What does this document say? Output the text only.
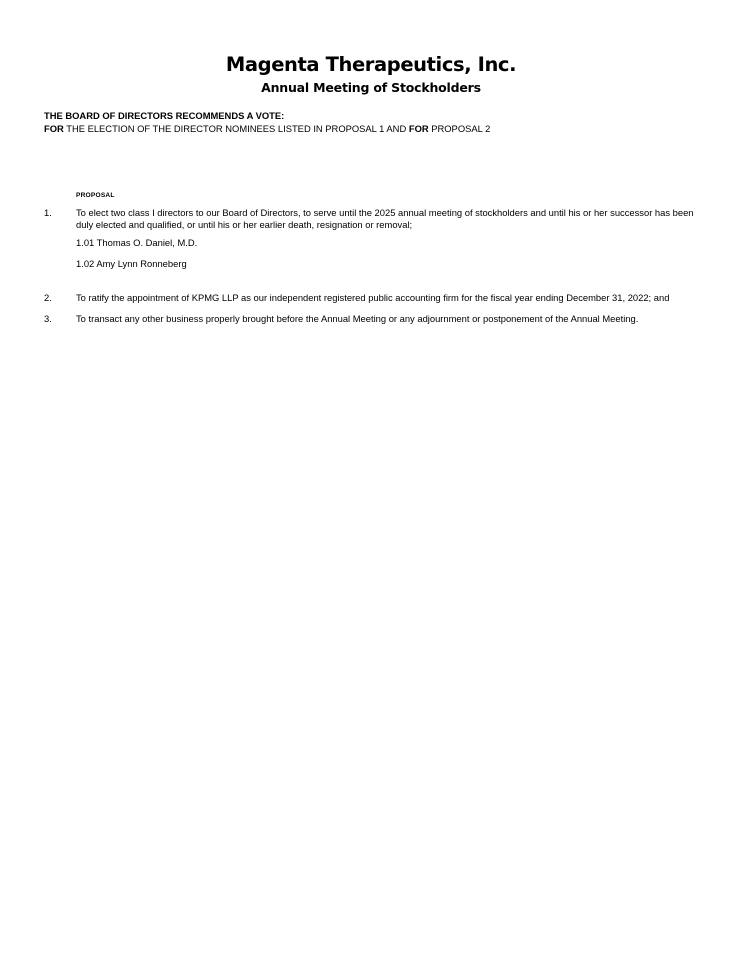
Magenta Therapeutics, Inc.
Annual Meeting of Stockholders
THE BOARD OF DIRECTORS RECOMMENDS A VOTE:
FOR THE ELECTION OF THE DIRECTOR NOMINEES LISTED IN PROPOSAL 1 AND FOR PROPOSAL 2
PROPOSAL
1.	To elect two class I directors to our Board of Directors, to serve until the 2025 annual meeting of stockholders and until his or her successor has been duly elected and qualified, or until his or her earlier death, resignation or removal;
1.01 Thomas O. Daniel, M.D.
1.02 Amy Lynn Ronneberg
2.	To ratify the appointment of KPMG LLP as our independent registered public accounting firm for the fiscal year ending December 31, 2022; and
3.	To transact any other business properly brought before the Annual Meeting or any adjournment or postponement of the Annual Meeting.
